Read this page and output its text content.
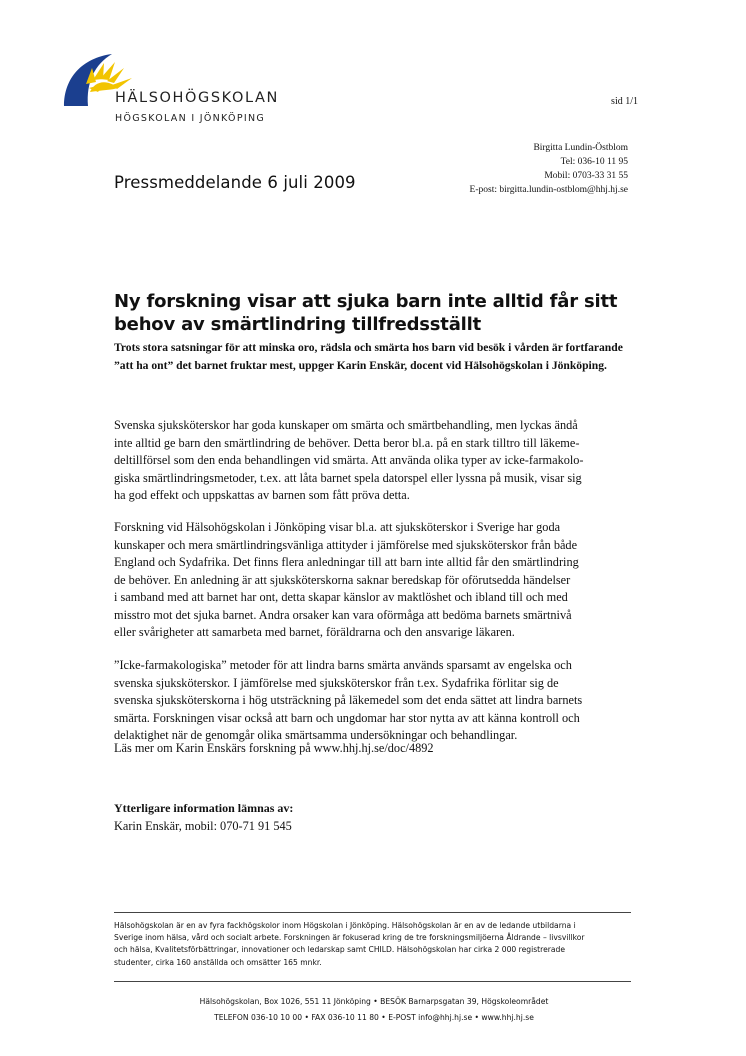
HÄLSOHÖGSKOLAN
HÖGSKOLAN I JÖNKÖPING
sid 1/1
Birgitta Lundin-Östblom
Tel: 036-10 11 95
Mobil: 0703-33 31 55
E-post: birgitta.lundin-ostblom@hhj.hj.se
Pressmeddelande 6 juli 2009
Ny forskning visar att sjuka barn inte alltid får sitt behov av smärtlindring tillfredsställt
Trots stora satsningar för att minska oro, rädsla och smärta hos barn vid besök i vården är fortfarande ”att ha ont” det barnet fruktar mest, uppger Karin Enskär, docent vid Hälsohögskolan i Jönköping.
Svenska sjuksköterskor har goda kunskaper om smärta och smärtbehandling, men lyckas ändå
inte alltid ge barn den smärtlindring de behöver. Detta beror bl.a. på en stark tilltro till läkeme-
deltillförsel som den enda behandlingen vid smärta. Att använda olika typer av icke-farmakolo-
giska smärtlindringsmetoder, t.ex. att låta barnet spela datorspel eller lyssna på musik, visar sig
ha god effekt och uppskattas av barnen som fått pröva detta.
Forskning vid Hälsohögskolan i Jönköping visar bl.a. att sjuksköterskor i Sverige har goda
kunskaper och mera smärtlindringsvänliga attityder i jämförelse med sjuksköterskor från både
England och Sydafrika. Det finns flera anledningar till att barn inte alltid får den smärtlindring
de behöver. En anledning är att sjuksköterskorna saknar beredskap för oförutsedda händelser
i samband med att barnet har ont, detta skapar känslor av maktlöshet och ibland till och med
misstro mot det sjuka barnet. Andra orsaker kan vara oförmåga att bedöma barnets smärtnivå
eller svårigheter att samarbeta med barnet, föräldrarna och den ansvarige läkaren.
”Icke-farmakologiska” metoder för att lindra barns smärta används sparsamt av engelska och
svenska sjuksköterskor. I jämförelse med sjuksköterskor från t.ex. Sydafrika förlitar sig de
svenska sjuksköterskorna i hög utsträckning på läkemedel som det enda sättet att lindra barnets
smärta. Forskningen visar också att barn och ungdomar har stor nytta av att känna kontroll och
delaktighet när de genomgår olika smärtsamma undersökningar och behandlingar.
Läs mer om Karin Enskärs forskning på www.hhj.hj.se/doc/4892
Ytterligare information lämnas av:
Karin Enskär, mobil: 070-71 91 545
Hälsohögskolan är en av fyra fackhögskolor inom Högskolan i Jönköping. Hälsohögskolan är en av de ledande utbildarna i
Sverige inom hälsa, vård och socialt arbete. Forskningen är fokuserad kring de tre forskningsmiljöerna Åldrande – livsvillkor
och hälsa, Kvalitetsförbättringar, innovationer och ledarskap samt CHILD. Hälsohögskolan har cirka 2 000 registrerade
studenter, cirka 160 anställda och omsätter 165 mnkr.
Hälsohögskolan, Box 1026, 551 11 Jönköping • BESÖK Barnarpsgatan 39, Högskoleområdet
TELEFON 036-10 10 00 • FAX 036-10 11 80 • E-POST info@hhj.hj.se • www.hhj.hj.se
